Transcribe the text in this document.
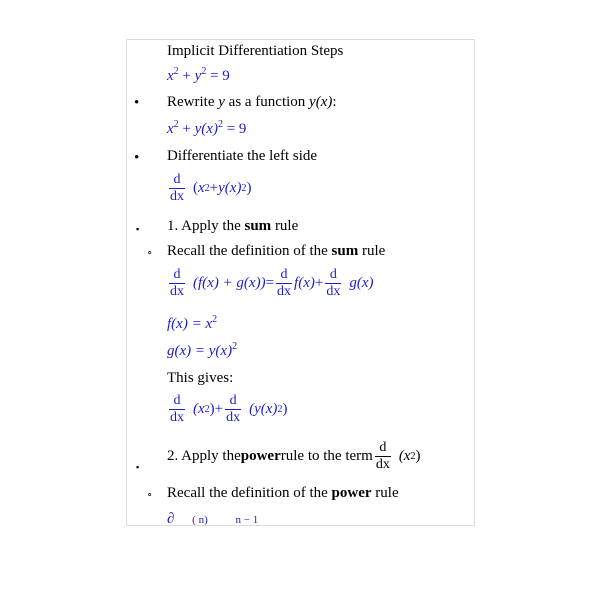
Implicit Differentiation Steps
$x^2 + y^2 = 9$
• Rewrite y as a function y(x):
$x^2 + y(x)^2 = 9$
• Differentiate the left side
$\frac{d}{dx}$ ( x 2 + y(x) 2 )
▪ 1. Apply the sum rule
∘ Recall the definition of the sum rule
$\frac{d}{dx} (f(x) + g(x)) = \frac{d}{dx} f(x) + \frac{d}{dx} g(x)$
$f(x) = x^2$
$g(x) = y(x)^2$
This gives:
$\frac{d}{dx} (x$ 2 ) + $\frac{d}{dx} (y(x)$ 2 )
▪
2. Apply the power rule to the term $\frac{d}{dx} (x$ 2 )
∘ Recall the definition of the power rule
∂ ( n)	n − 1
